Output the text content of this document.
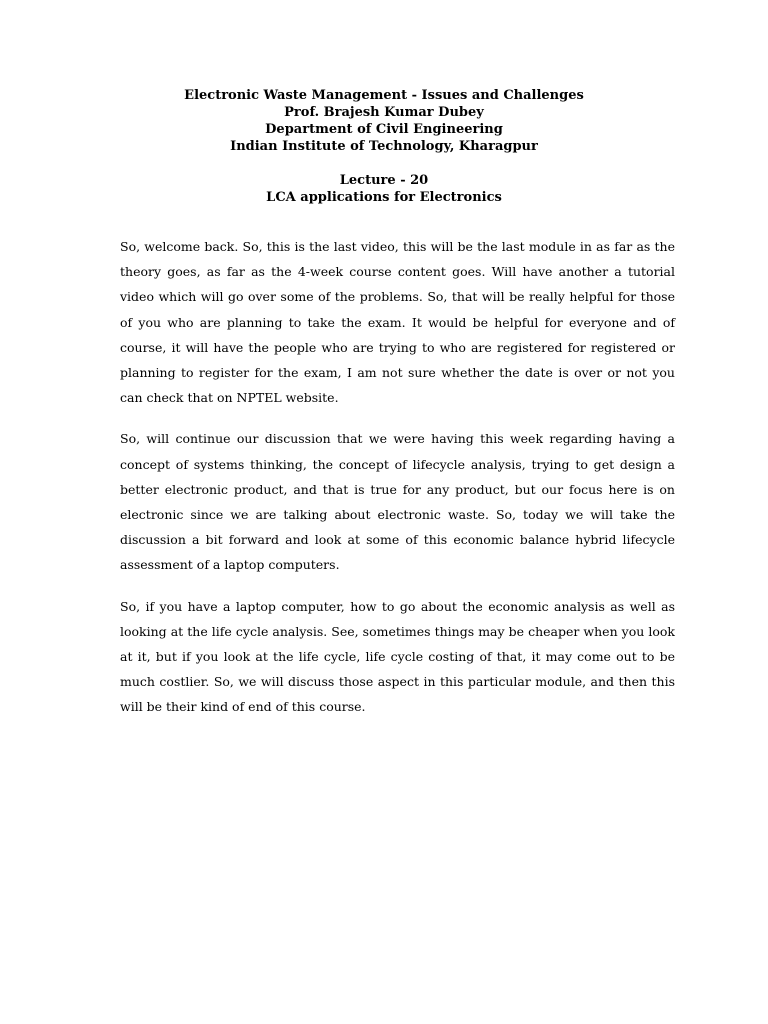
Electronic Waste Management - Issues and Challenges
Prof. Brajesh Kumar Dubey
Department of Civil Engineering
Indian Institute of Technology, Kharagpur
Lecture - 20
LCA applications for Electronics

So, welcome back. So, this is the last video, this will be the last module in as far as the theory goes, as far as the 4-week course content goes. Will have another a tutorial video which will go over some of the problems. So, that will be really helpful for those of you who are planning to take the exam. It would be helpful for everyone and of course, it will have the people who are trying to who are registered for registered or planning to register for the exam, I am not sure whether the date is over or not you can check that on NPTEL website.

So, will continue our discussion that we were having this week regarding having a concept of systems thinking, the concept of lifecycle analysis, trying to get design a better electronic product, and that is true for any product, but our focus here is on electronic since we are talking about electronic waste. So, today we will take the discussion a bit forward and look at some of this economic balance hybrid lifecycle assessment of a laptop computers.

So, if you have a laptop computer, how to go about the economic analysis as well as looking at the life cycle analysis. See, sometimes things may be cheaper when you look at it, but if you look at the life cycle, life cycle costing of that, it may come out to be much costlier. So, we will discuss those aspect in this particular module, and then this will be their kind of end of this course.
